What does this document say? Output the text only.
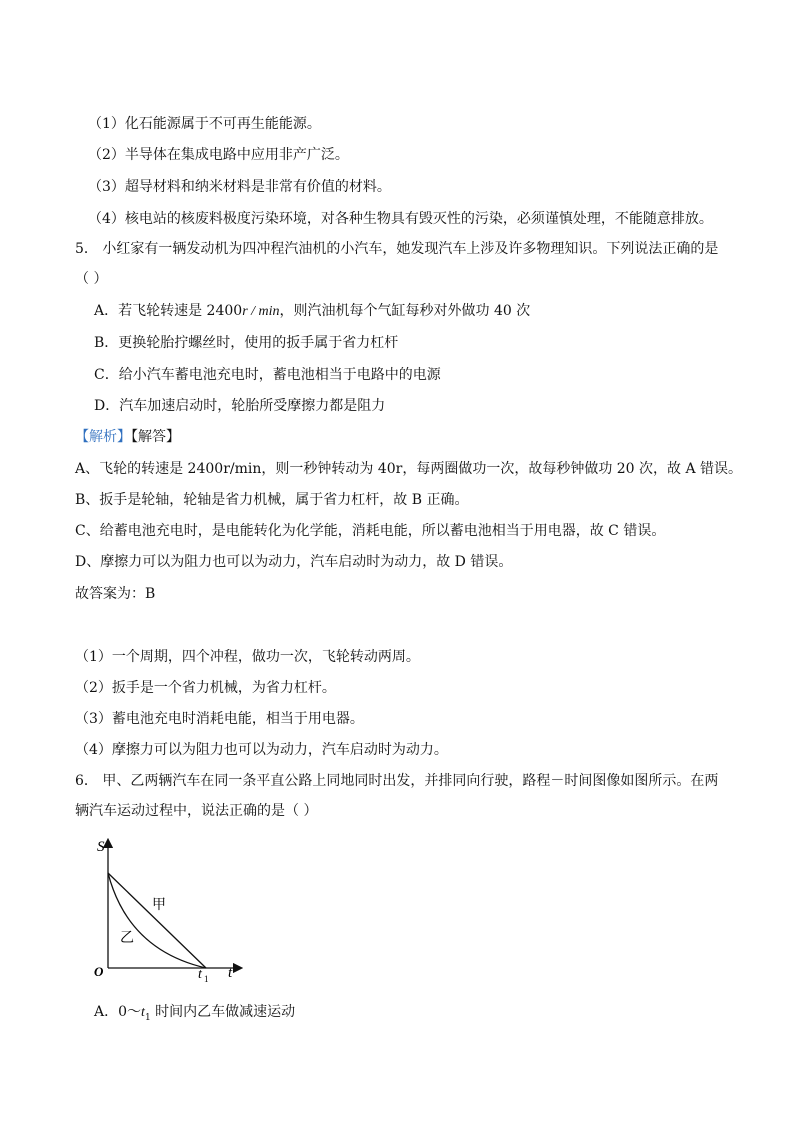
（1）化石能源属于不可再生能能源。
（2）半导体在集成电路中应用非产广泛。
（3）超导材料和纳米材料是非常有价值的材料。
（4）核电站的核废料极度污染环境，对各种生物具有毁灭性的污染，必须谨慎处理，不能随意排放。
5． 小红家有一辆发动机为四冲程汽油机的小汽车，她发现汽车上涉及许多物理知识。下列说法正确的是
（ ）
A．若飞轮转速是 2400r / min，则汽油机每个气缸每秒对外做功 40 次
B．更换轮胎拧螺丝时，使用的扳手属于省力杠杆
C．给小汽车蓄电池充电时，蓄电池相当于电路中的电源
D．汽车加速启动时，轮胎所受摩擦力都是阻力
【解析】【解答】
A、飞轮的转速是 2400r/min，则一秒钟转动为 40r，每两圈做功一次，故每秒钟做功 20 次，故 A 错误。
B、扳手是轮轴，轮轴是省力机械，属于省力杠杆，故 B 正确。
C、给蓄电池充电时，是电能转化为化学能，消耗电能，所以蓄电池相当于用电器，故 C 错误。
D、摩擦力可以为阻力也可以为动力，汽车启动时为动力，故 D 错误。
故答案为：B
（1）一个周期，四个冲程，做功一次，飞轮转动两周。
（2）扳手是一个省力机械，为省力杠杆。
（3）蓄电池充电时消耗电能，相当于用电器。
（4）摩擦力可以为阻力也可以为动力，汽车启动时为动力。
6． 甲、乙两辆汽车在同一条平直公路上同地同时出发，并排同向行驶，路程－时间图像如图所示。在两
辆汽车运动过程中，说法正确的是（ ）
S
t
O	t 1
甲
乙
A．$0\sim t_1$ 时间内乙车做减速运动
